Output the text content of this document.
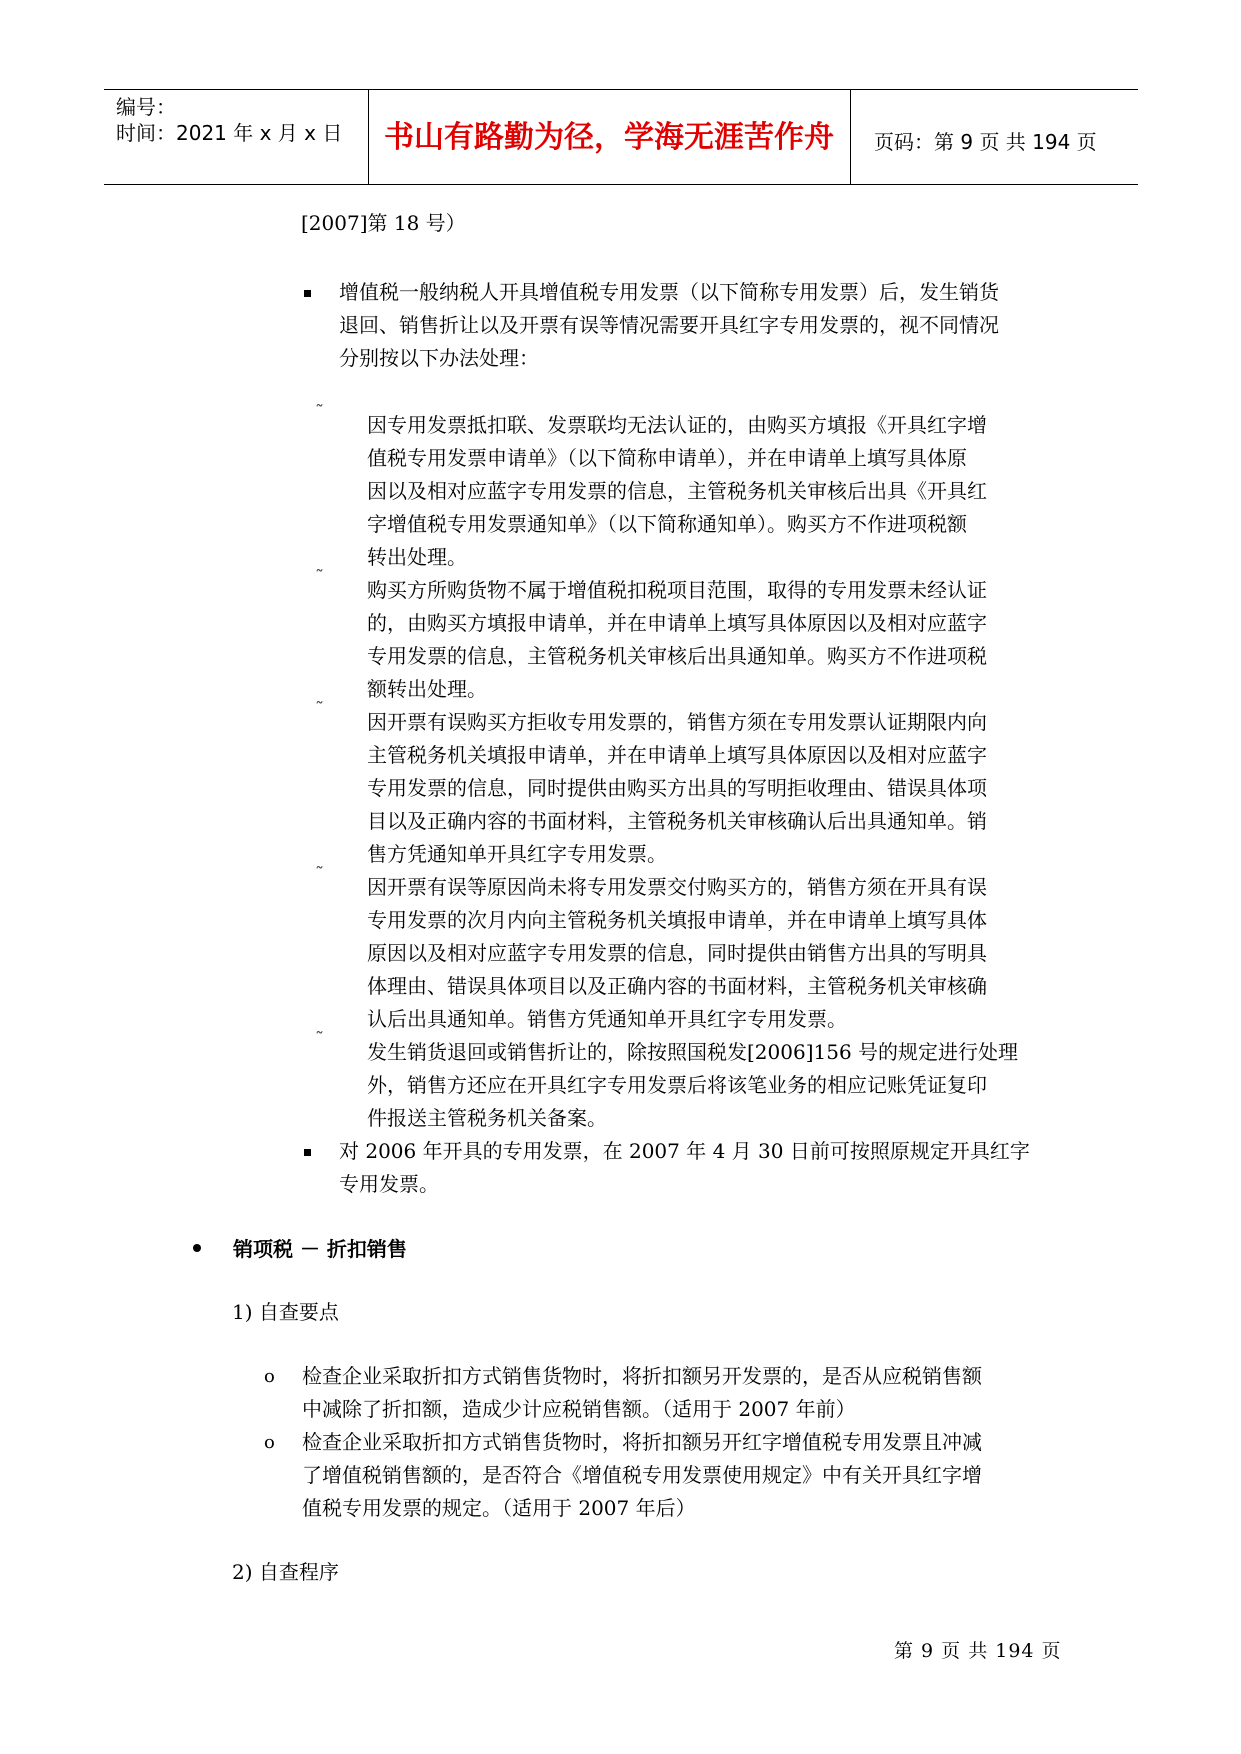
编号：
时间：2021 年 x 月 x 日	书山有路勤为径，学海无涯苦作舟	页码：第 9 页 共 194 页
[2007]第 18 号）
增值税一般纳税人开具增值税专用发票（以下简称专用发票）后，发生销货
退回、销售折让以及开票有误等情况需要开具红字专用发票的，视不同情况
分别按以下办法处理：
˜
因专用发票抵扣联、发票联均无法认证的，由购买方填报《开具红字增
值税专用发票申请单》（以下简称申请单），并在申请单上填写具体原
因以及相对应蓝字专用发票的信息，主管税务机关审核后出具《开具红
字增值税专用发票通知单》（以下简称通知单）。购买方不作进项税额
转出处理。
˜
购买方所购货物不属于增值税扣税项目范围，取得的专用发票未经认证
的，由购买方填报申请单，并在申请单上填写具体原因以及相对应蓝字
专用发票的信息，主管税务机关审核后出具通知单。购买方不作进项税
额转出处理。
˜
因开票有误购买方拒收专用发票的，销售方须在专用发票认证期限内向
主管税务机关填报申请单，并在申请单上填写具体原因以及相对应蓝字
专用发票的信息，同时提供由购买方出具的写明拒收理由、错误具体项
目以及正确内容的书面材料，主管税务机关审核确认后出具通知单。销
售方凭通知单开具红字专用发票。
˜
因开票有误等原因尚未将专用发票交付购买方的，销售方须在开具有误
专用发票的次月内向主管税务机关填报申请单，并在申请单上填写具体
原因以及相对应蓝字专用发票的信息，同时提供由销售方出具的写明具
体理由、错误具体项目以及正确内容的书面材料，主管税务机关审核确
认后出具通知单。销售方凭通知单开具红字专用发票。
˜
发生销货退回或销售折让的，除按照国税发[2006]156 号的规定进行处理
外，销售方还应在开具红字专用发票后将该笔业务的相应记账凭证复印
件报送主管税务机关备案。
对 2006 年开具的专用发票，在 2007 年 4 月 30 日前可按照原规定开具红字
专用发票。
销项税 － 折扣销售
1) 自查要点
o 检查企业采取折扣方式销售货物时，将折扣额另开发票的，是否从应税销售额
中减除了折扣额，造成少计应税销售额。（适用于 2007 年前）
o 检查企业采取折扣方式销售货物时，将折扣额另开红字增值税专用发票且冲减
了增值税销售额的，是否符合《增值税专用发票使用规定》中有关开具红字增
值税专用发票的规定。（适用于 2007 年后）
2) 自查程序
第 9 页 共 194 页
